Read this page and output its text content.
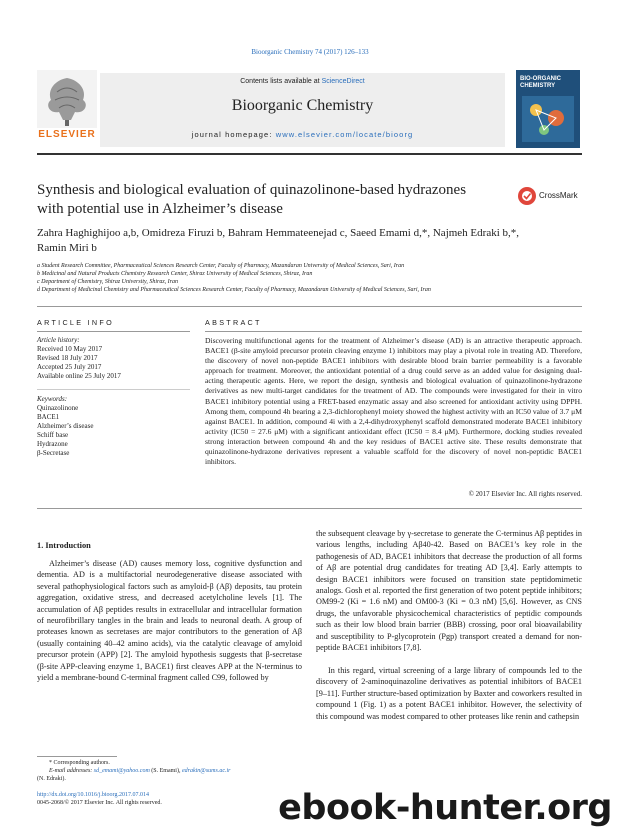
Bioorganic Chemistry 74 (2017) 126–133
ELSEVIER
Contents lists available at ScienceDirect
Bioorganic Chemistry
journal homepage: www.elsevier.com/locate/bioorg
BIO-ORGANIC
CHEMISTRY
Synthesis and biological evaluation of quinazolinone-based hydrazones
with potential use in Alzheimer’s disease
CrossMark
Zahra Haghighijoo a,b, Omidreza Firuzi b, Bahram Hemmateenejad c, Saeed Emami d,*, Najmeh Edraki b,*,
Ramin Miri b
a Student Research Committee, Pharmaceutical Sciences Research Center, Faculty of Pharmacy, Mazandaran University of Medical Sciences, Sari, Iran
b Medicinal and Natural Products Chemistry Research Center, Shiraz University of Medical Sciences, Shiraz, Iran
c Department of Chemistry, Shiraz University, Shiraz, Iran
d Department of Medicinal Chemistry and Pharmaceutical Sciences Research Center, Faculty of Pharmacy, Mazandaran University of Medical Sciences, Sari, Iran
ARTICLE INFO
Article history:
Received 10 May 2017
Revised 18 July 2017
Accepted 25 July 2017
Available online 25 July 2017
Keywords:
Quinazolinone
BACE1
Alzheimer’s disease
Schiff base
Hydrazone
β-Secretase
ABSTRACT
Discovering multifunctional agents for the treatment of Alzheimer’s disease (AD) is an attractive therapeutic approach. BACE1 (β-site amyloid precursor protein cleaving enzyme 1) inhibitors may play a pivotal role in treating AD. Therefore, the discovery of novel non-peptide BACE1 inhibitors with desirable blood brain barrier permeability is a favorable approach for treatment. Moreover, the antioxidant potential of a drug could serve as an added value for designing dual-acting therapeutic agents. Here, we report the design, synthesis and biological evaluation of quinazolinone-hydrazone derivatives as new multi-target candidates for the treatment of AD. The compounds were investigated for their in vitro BACE1 inhibitory potential using a FRET-based enzymatic assay and also screened for antioxidant activity using DPPH. Among them, compound 4h bearing a 2,3-dichlorophenyl moiety showed the highest activity with an IC50 value of 3.7 μM against BACE1. In addition, compound 4i with a 2,4-dihydroxyphenyl scaffold demonstrated moderate BACE1 inhibitory activity (IC50 = 27.6 μM) with a significant antioxidant effect (IC50 = 8.4 μM). Furthermore, docking studies revealed strong interaction between compound 4h and the key residues of BACE1 active site. These results demonstrate that quinazolinone-hydrazone derivatives represent a valuable scaffold for the discovery of novel non-peptidic BACE1 inhibitors.
© 2017 Elsevier Inc. All rights reserved.
1. Introduction
Alzheimer’s disease (AD) causes memory loss, cognitive dysfunction and dementia. AD is a multifactorial neurodegenerative disease associated with several pathophysiological factors such as amyloid-β (Aβ) deposits, tau protein aggregation, oxidative stress, and decreased acetylcholine levels [1]. The accumulation of Aβ peptides results in extracellular and intracellular formation of neurofibrillary tangles in the brain and leads to neuronal death. A group of proteases known as secretases are major contributors to the generation of Aβ (usually containing 40–42 amino acids), via the catalytic cleavage of amyloid precursor protein (APP) [2]. The amyloid hypothesis suggests that β-secretase (β-site APP-cleaving enzyme 1, BACE1) first cleaves APP at the N-terminus to yield a membrane-bound C-terminal fragment called C99, followed by
the subsequent cleavage by γ-secretase to generate the C-terminus Aβ peptides in various lengths, including Aβ40-42. Based on BACE1’s key role in the pathogenesis of AD, BACE1 inhibitors that decrease the production of all forms of Aβ are potential drug candidates for treating AD [3,4]. Early attempts to design BACE1 inhibitors were focused on transition state peptidomimetic analogs. Gosh et al. reported the first generation of two potent peptide inhibitors; OM99-2 (Ki = 1.6 nM) and OM00-3 (Ki = 0.3 nM) [5,6]. However, as CNS drugs, the unfavorable physicochemical characteristics of peptidic compounds such as their low blood brain barrier (BBB) crossing, poor oral bioavailability and susceptibility to P-glycoprotein (Pgp) transport created a demand for non-peptide BACE1 inhibitors [7,8].
In this regard, virtual screening of a large library of compounds led to the discovery of 2-aminoquinazoline derivatives as potential inhibitors of BACE1 [9–11]. Further structure-based optimization by Baxter and coworkers resulted in compound 1 (Fig. 1) as a potent BACE1 inhibitor. However, the selectivity of this compound was modest compared to other proteases like renin and cathepsin
* Corresponding authors.
E-mail addresses: sd_emami@yahoo.com (S. Emami), edrakin@sums.ac.ir
(N. Edraki).
http://dx.doi.org/10.1016/j.bioorg.2017.07.014
0045-2068/© 2017 Elsevier Inc. All rights reserved.	ebook-hunter.org
